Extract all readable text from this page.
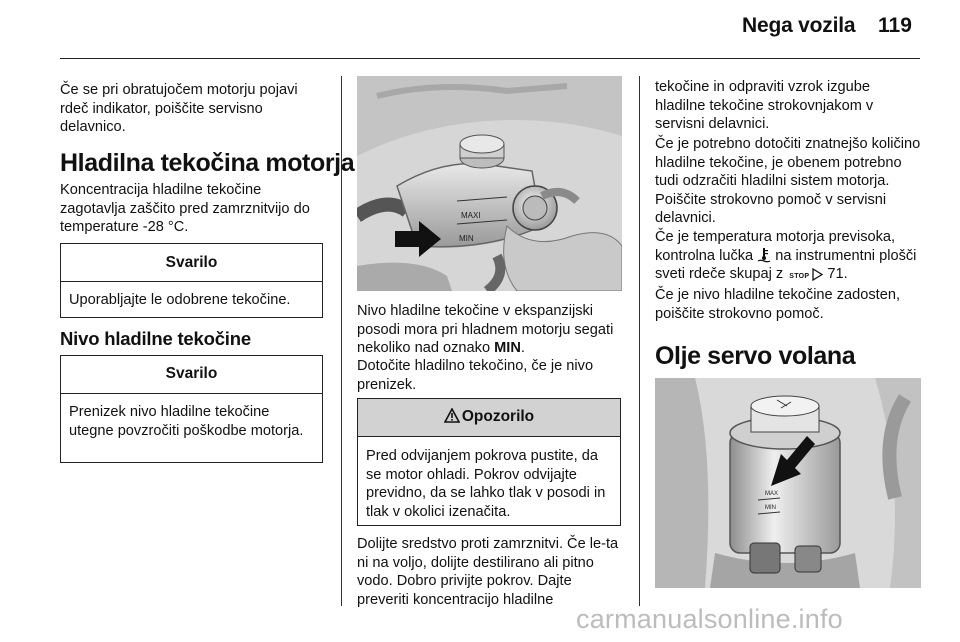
Nega vozila 119
Če se pri obratujočem motorju pojavi rdeč indikator, poiščite servisno delavnico.
Hladilna tekočina motorja
Koncentracija hladilne tekočine zagotavlja zaščito pred zamrznitvijo do temperature -28 °C.
Svarilo
Uporabljajte le odobrene tekočine.
Nivo hladilne tekočine
Svarilo
Prenizek nivo hladilne tekočine utegne povzročiti poškodbe motorja.
MAXI
MIN
Nivo hladilne tekočine v ekspanzijski posodi mora pri hladnem motorju segati nekoliko nad oznako MIN.
Dotočite hladilno tekočino, če je nivo prenizek.
Opozorilo
Pred odvijanjem pokrova pustite, da se motor ohladi. Pokrov odvijajte previdno, da se lahko tlak v posodi in tlak v okolici izenačita.
Dolijte sredstvo proti zamrznitvi. Če le-ta ni na voljo, dolijte destilirano ali pitno vodo. Dobro privijte pokrov. Dajte preveriti koncentracijo hladilne
tekočine in odpraviti vzrok izgube hladilne tekočine strokovnjakom v servisni delavnici.
Če je potrebno dotočiti znatnejšo količino hladilne tekočine, je obenem potrebno tudi odzračiti hladilni sistem motorja. Poiščite strokovno pomoč v servisni delavnici.
Če je temperatura motorja previsoka, kontrolna lučka  na instrumentni plošči sveti rdeče skupaj z STOP 71.
Če je nivo hladilne tekočine zadosten, poiščite strokovno pomoč.
Olje servo volana
MAX
MIN
carmanualsonline.info
